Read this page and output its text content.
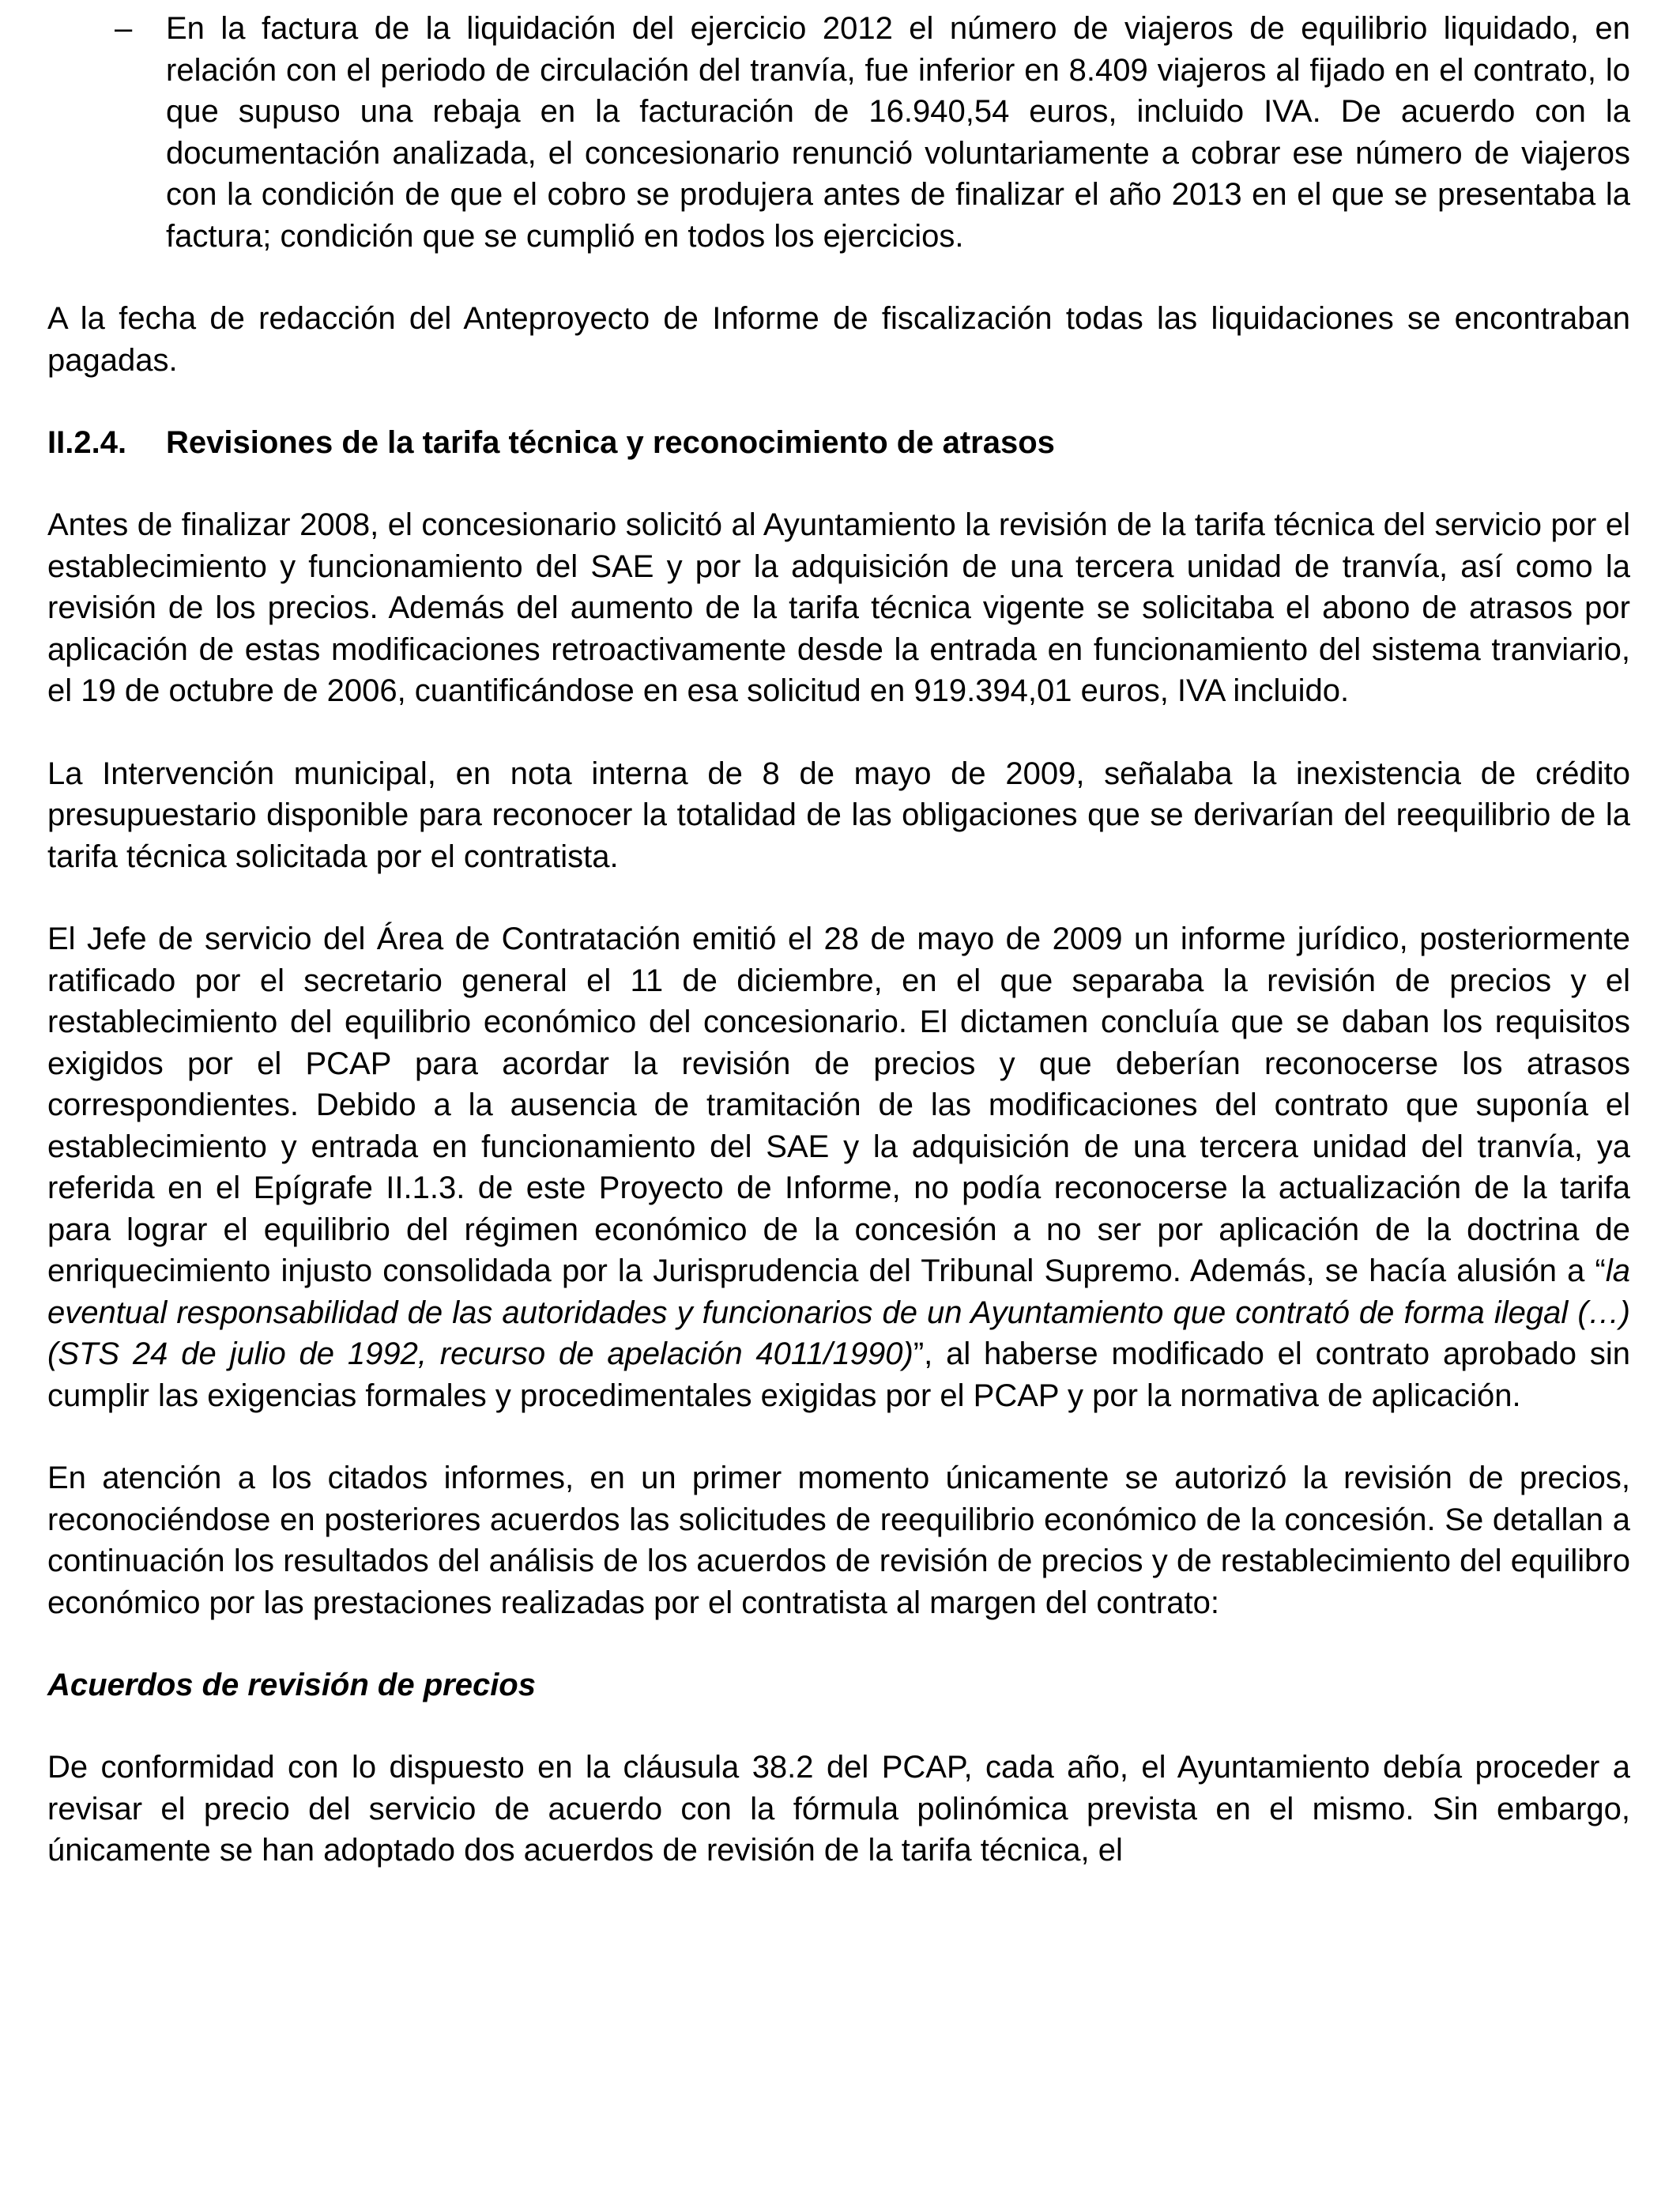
– En la factura de la liquidación del ejercicio 2012 el número de viajeros de equilibrio liquidado, en relación con el periodo de circulación del tranvía, fue inferior en 8.409 viajeros al fijado en el contrato, lo que supuso una rebaja en la facturación de 16.940,54 euros, incluido IVA. De acuerdo con la documentación analizada, el concesionario renunció voluntariamente a cobrar ese número de viajeros con la condición de que el cobro se produjera antes de finalizar el año 2013 en el que se presentaba la factura; condición que se cumplió en todos los ejercicios.

A la fecha de redacción del Anteproyecto de Informe de fiscalización todas las liquidaciones se encontraban pagadas.

II.2.4.	Revisiones de la tarifa técnica y reconocimiento de atrasos

Antes de finalizar 2008, el concesionario solicitó al Ayuntamiento la revisión de la tarifa técnica del servicio por el establecimiento y funcionamiento del SAE y por la adquisición de una tercera unidad de tranvía, así como la revisión de los precios. Además del aumento de la tarifa técnica vigente se solicitaba el abono de atrasos por aplicación de estas modificaciones retroactivamente desde la entrada en funcionamiento del sistema tranviario, el 19 de octubre de 2006, cuantificándose en esa solicitud en 919.394,01 euros, IVA incluido.

La Intervención municipal, en nota interna de 8 de mayo de 2009, señalaba la inexistencia de crédito presupuestario disponible para reconocer la totalidad de las obligaciones que se derivarían del reequilibrio de la tarifa técnica solicitada por el contratista.

El Jefe de servicio del Área de Contratación emitió el 28 de mayo de 2009 un informe jurídico, posteriormente ratificado por el secretario general el 11 de diciembre, en el que separaba la revisión de precios y el restablecimiento del equilibrio económico del concesionario. El dictamen concluía que se daban los requisitos exigidos por el PCAP para acordar la revisión de precios y que deberían reconocerse los atrasos correspondientes. Debido a la ausencia de tramitación de las modificaciones del contrato que suponía el establecimiento y entrada en funcionamiento del SAE y la adquisición de una tercera unidad del tranvía, ya referida en el Epígrafe II.1.3. de este Proyecto de Informe, no podía reconocerse la actualización de la tarifa para lograr el equilibrio del régimen económico de la concesión a no ser por aplicación de la doctrina de enriquecimiento injusto consolidada por la Jurisprudencia del Tribunal Supremo. Además, se hacía alusión a “la eventual responsabilidad de las autoridades y funcionarios de un Ayuntamiento que contrató de forma ilegal (…)(STS 24 de julio de 1992, recurso de apelación 4011/1990)”, al haberse modificado el contrato aprobado sin cumplir las exigencias formales y procedimentales exigidas por el PCAP y por la normativa de aplicación.

En atención a los citados informes, en un primer momento únicamente se autorizó la revisión de precios, reconociéndose en posteriores acuerdos las solicitudes de reequilibrio económico de la concesión. Se detallan a continuación los resultados del análisis de los acuerdos de revisión de precios y de restablecimiento del equilibro económico por las prestaciones realizadas por el contratista al margen del contrato:

Acuerdos de revisión de precios

De conformidad con lo dispuesto en la cláusula 38.2 del PCAP, cada año, el Ayuntamiento debía proceder a revisar el precio del servicio de acuerdo con la fórmula polinómica prevista en el mismo. Sin embargo, únicamente se han adoptado dos acuerdos de revisión de la tarifa técnica, el
